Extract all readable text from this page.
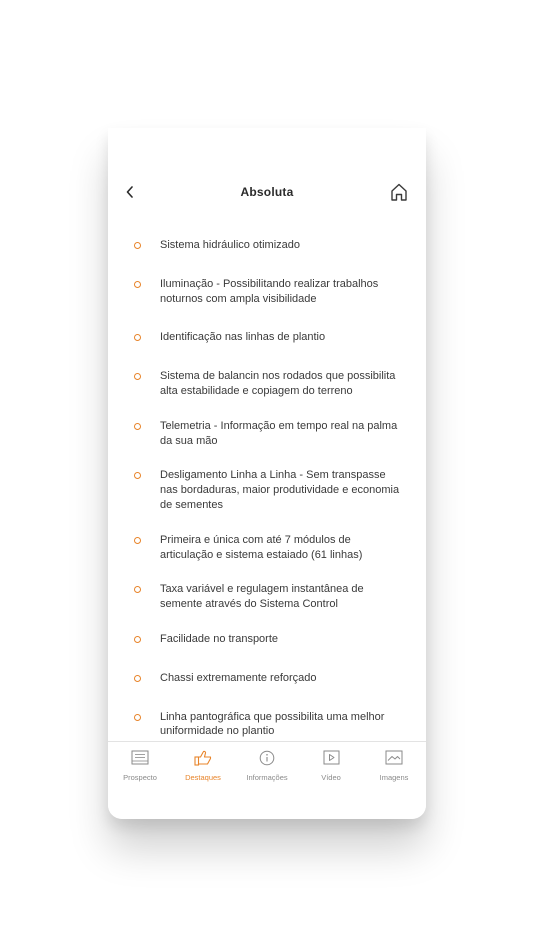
Absoluta
Sistema hidráulico otimizado
Iluminação - Possibilitando realizar trabalhos noturnos com ampla visibilidade
Identificação nas linhas de plantio
Sistema de balancin nos rodados que possibilita alta estabilidade e copiagem do terreno
Telemetria - Informação em tempo real na palma da sua mão
Desligamento Linha a Linha - Sem transpasse nas bordaduras, maior produtividade e economia de sementes
Primeira e única com até 7 módulos de articulação e sistema estaiado (61 linhas)
Taxa variável e regulagem instantânea de semente através do Sistema Control
Facilidade no transporte
Chassi extremamente reforçado
Linha pantográfica que possibilita uma melhor uniformidade no plantio
Prospecto	Destaques	Informações	Vídeo	Imagens
